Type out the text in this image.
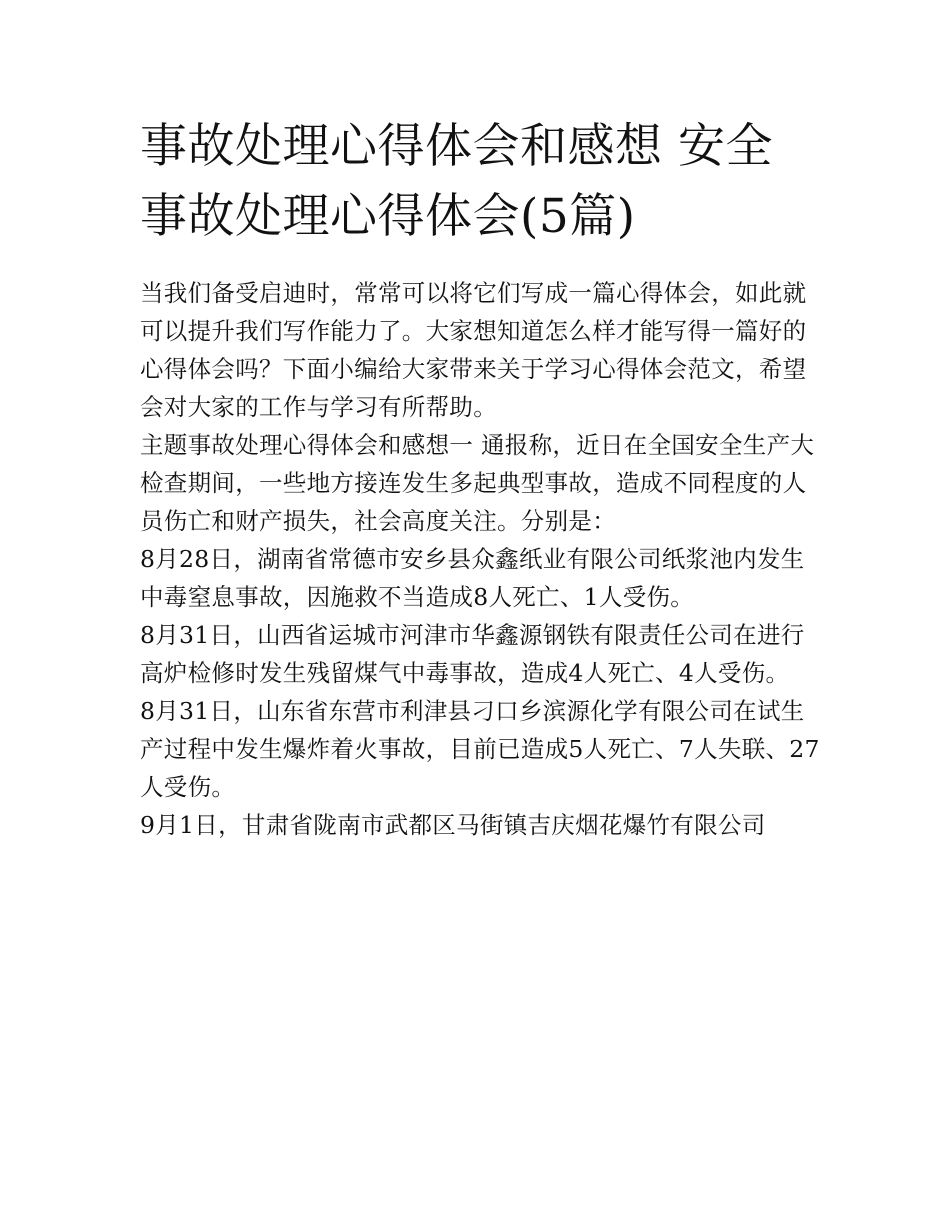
事故处理心得体会和感想 安全事故处理心得体会(5篇)

当我们备受启迪时，常常可以将它们写成一篇心得体会，如此就可以提升我们写作能力了。大家想知道怎么样才能写得一篇好的心得体会吗？下面小编给大家带来关于学习心得体会范文，希望会对大家的工作与学习有所帮助。

主题事故处理心得体会和感想一 通报称，近日在全国安全生产大检查期间，一些地方接连发生多起典型事故，造成不同程度的人员伤亡和财产损失，社会高度关注。分别是：

8月28日，湖南省常德市安乡县众鑫纸业有限公司纸浆池内发生中毒窒息事故，因施救不当造成8人死亡、1人受伤。

8月31日，山西省运城市河津市华鑫源钢铁有限责任公司在进行高炉检修时发生残留煤气中毒事故，造成4人死亡、4人受伤。

8月31日，山东省东营市利津县刁口乡滨源化学有限公司在试生产过程中发生爆炸着火事故，目前已造成5人死亡、7人失联、27人受伤。

9月1日，甘肃省陇南市武都区马街镇吉庆烟花爆竹有限公司
